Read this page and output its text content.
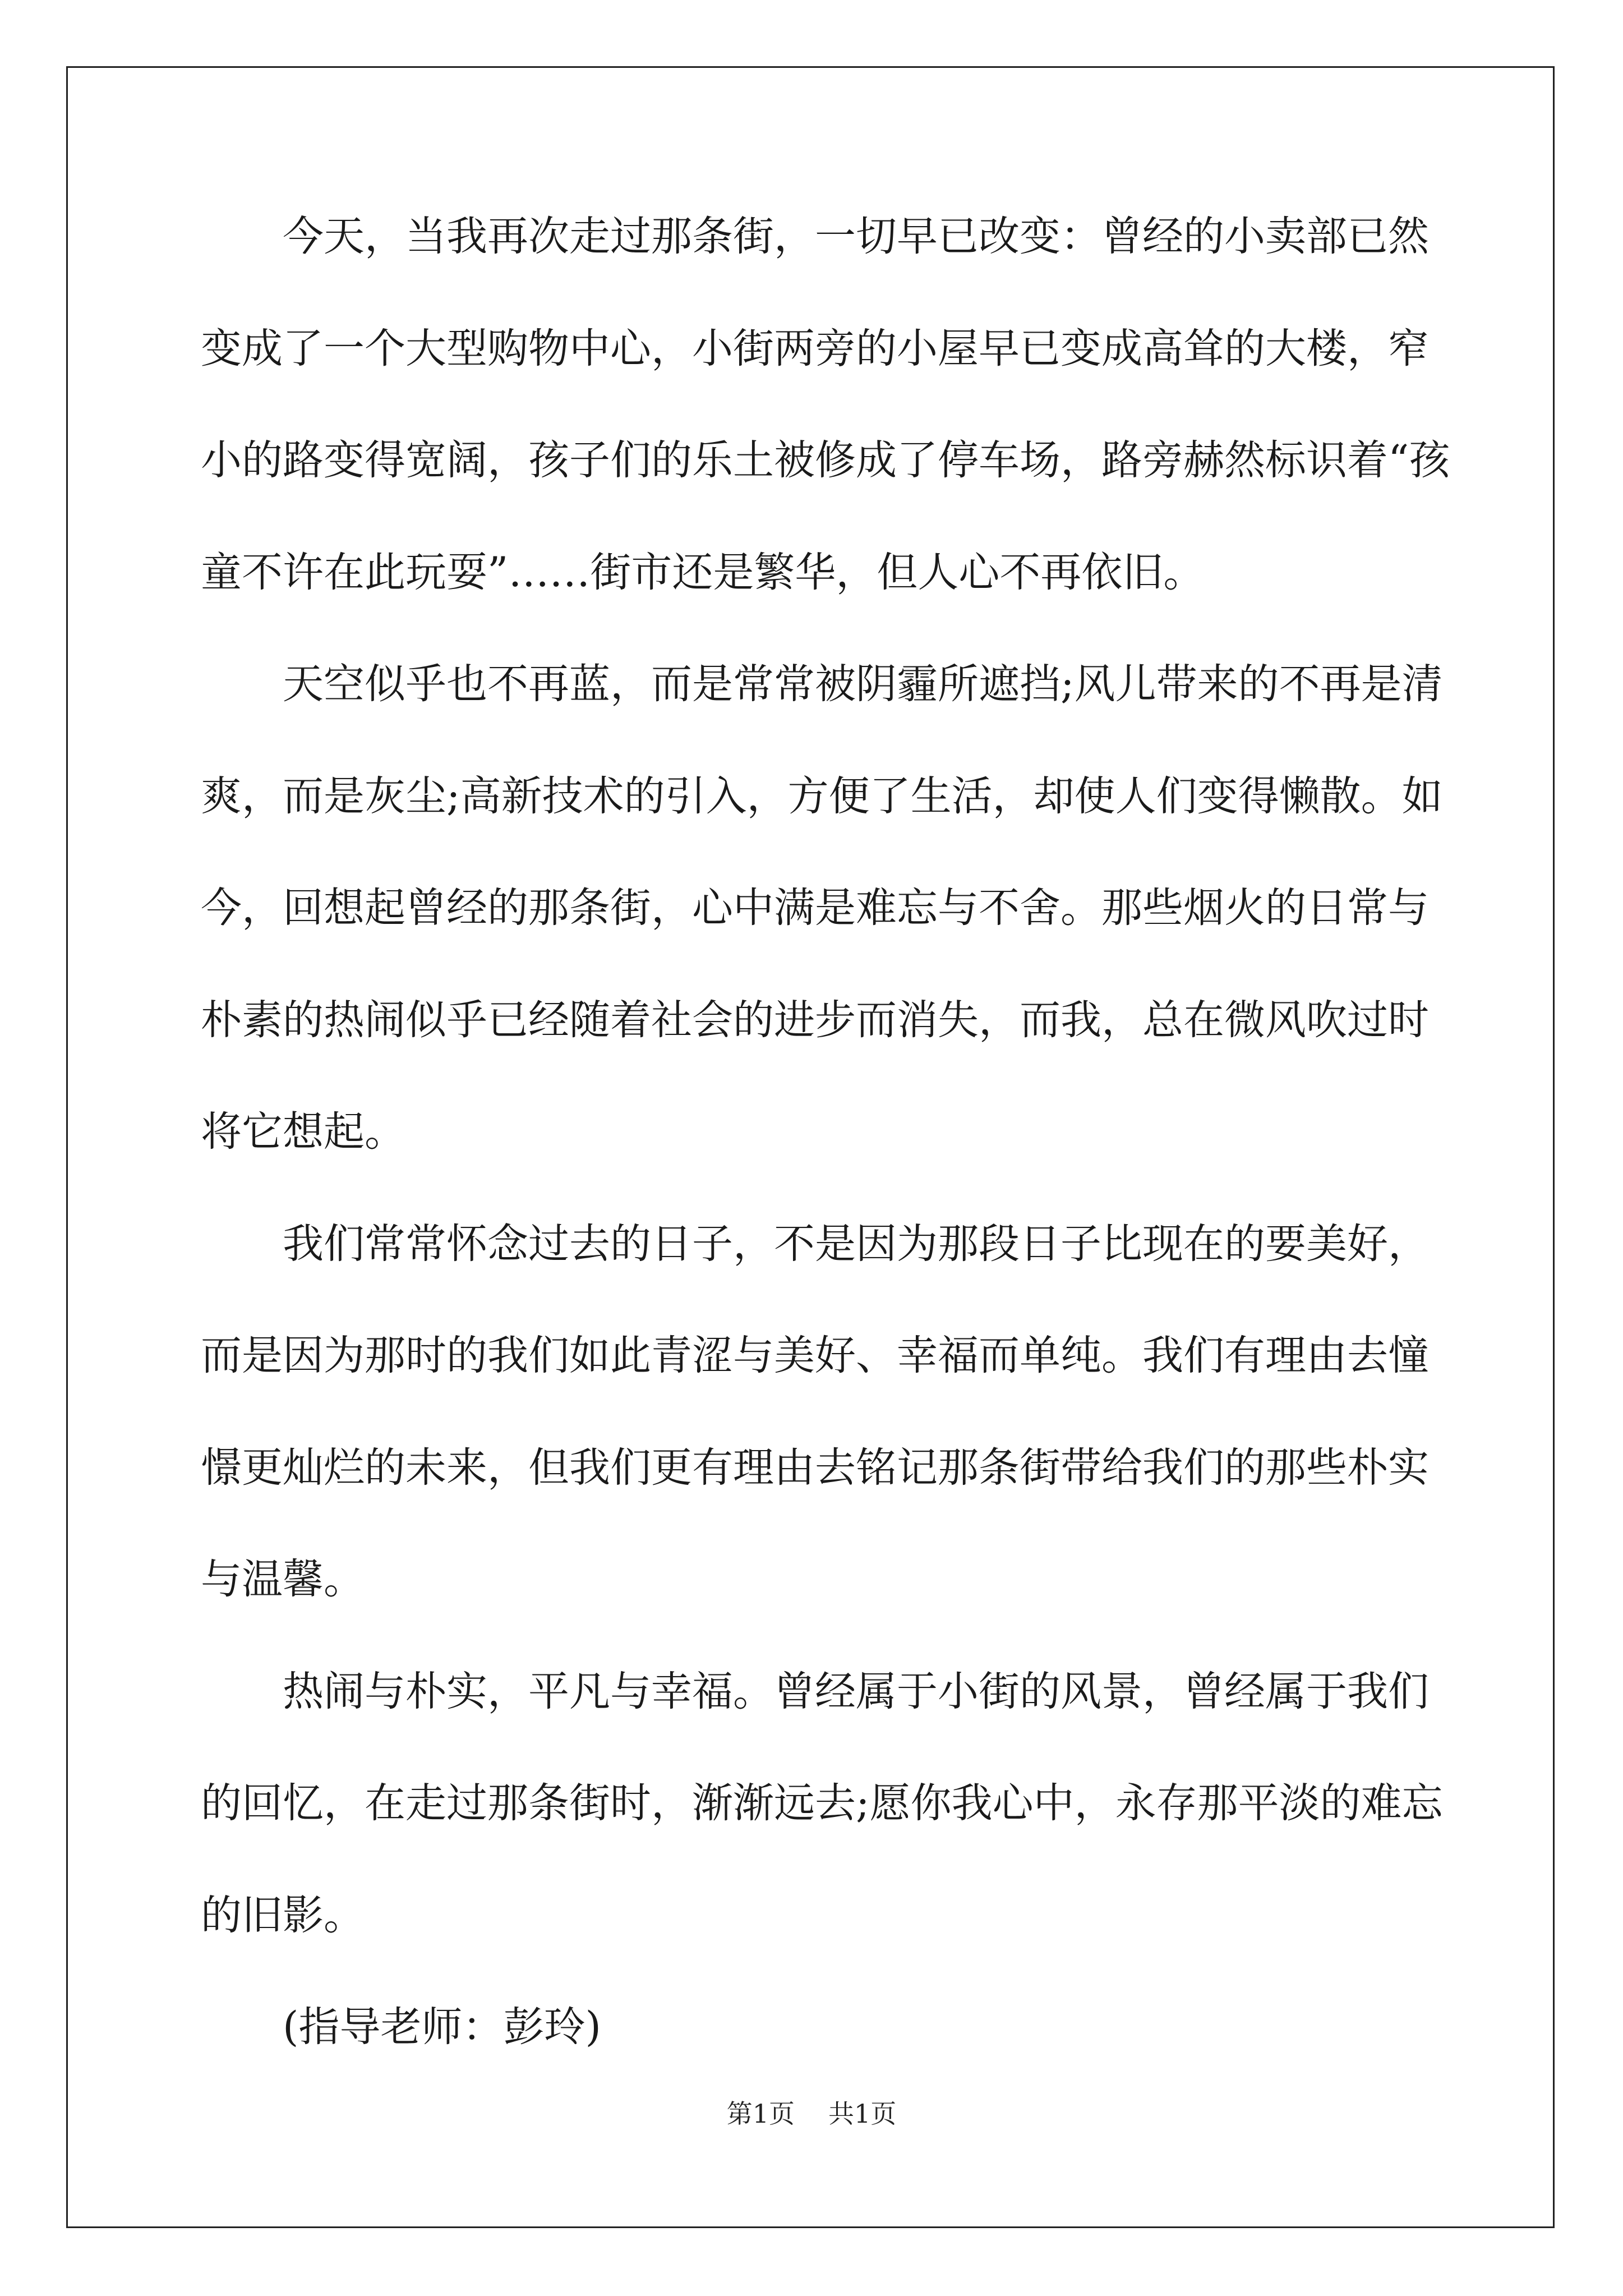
今天，当我再次走过那条街，一切早已改变：曾经的小卖部已然
变成了一个大型购物中心，小街两旁的小屋早已变成高耸的大楼，窄
小的路变得宽阔，孩子们的乐土被修成了停车场，路旁赫然标识着“孩
童不许在此玩耍”……街市还是繁华，但人心不再依旧。
天空似乎也不再蓝，而是常常被阴霾所遮挡;风儿带来的不再是清
爽，而是灰尘;高新技术的引入，方便了生活，却使人们变得懒散。如
今，回想起曾经的那条街，心中满是难忘与不舍。那些烟火的日常与
朴素的热闹似乎已经随着社会的进步而消失，而我，总在微风吹过时
将它想起。
我们常常怀念过去的日子，不是因为那段日子比现在的要美好，
而是因为那时的我们如此青涩与美好、幸福而单纯。我们有理由去憧
憬更灿烂的未来，但我们更有理由去铭记那条街带给我们的那些朴实
与温馨。
热闹与朴实，平凡与幸福。曾经属于小街的风景，曾经属于我们
的回忆，在走过那条街时，渐渐远去;愿你我心中，永存那平淡的难忘
的旧影。
(指导老师：彭玲)
第1页 共1页
